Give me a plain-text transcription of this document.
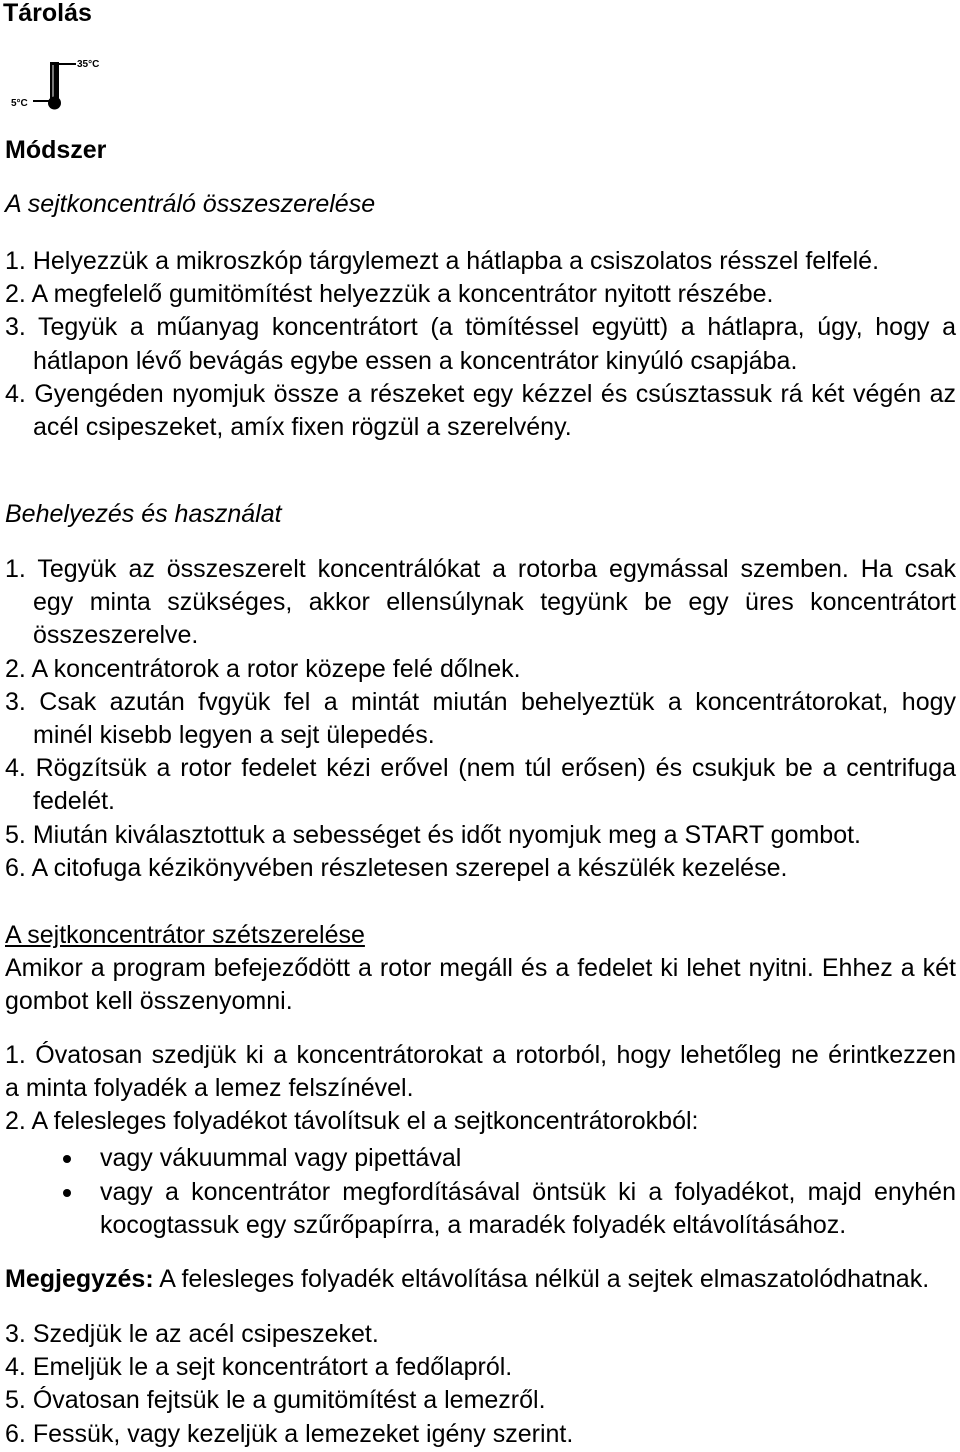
Tárolás
35°C
5°C
Módszer
A sejtkoncentráló összeszerelése
1. Helyezzük a mikroszkóp tárgylemezt a hátlapba a csiszolatos résszel felfelé.
2. A megfelelő gumitömítést helyezzük a koncentrátor nyitott részébe.
3. Tegyük a műanyag koncentrátort (a tömítéssel együtt) a hátlapra, úgy, hogy a
hátlapon lévő bevágás egybe essen a koncentrátor kinyúló csapjába.
4. Gyengéden nyomjuk össze a részeket egy kézzel és csúsztassuk rá két végén az
acél csipeszeket, amíx fixen rögzül a szerelvény.
Behelyezés és használat
1. Tegyük az összeszerelt koncentrálókat a rotorba egymással szemben. Ha csak
egy minta szükséges, akkor ellensúlynak tegyünk be egy üres koncentrátort
összeszerelve.
2. A koncentrátorok a rotor közepe felé dőlnek.
3. Csak azután fvgyük fel a mintát miután behelyeztük a koncentrátorokat, hogy
minél kisebb legyen a sejt ülepedés.
4. Rögzítsük a rotor fedelet kézi erővel (nem túl erősen) és csukjuk be a centrifuga
fedelét.
5. Miután kiválasztottuk a sebességet és időt nyomjuk meg a START gombot.
6. A citofuga kézikönyvében részletesen szerepel a készülék kezelése.
A sejtkoncentrátor szétszerelése
Amikor a program befejeződött a rotor megáll és a fedelet ki lehet nyitni. Ehhez a két
gombot kell összenyomni.
1. Óvatosan szedjük ki a koncentrátorokat a rotorból, hogy lehetőleg ne érintkezzen
a minta folyadék a lemez felszínével.
2. A felesleges folyadékot távolítsuk el a sejtkoncentrátorokból:
vagy vákuummal vagy pipettával
vagy a koncentrátor megfordításával öntsük ki a folyadékot, majd enyhén
kocogtassuk egy szűrőpapírra, a maradék folyadék eltávolításához.
Megjegyzés: A felesleges folyadék eltávolítása nélkül a sejtek elmaszatolódhatnak.
3. Szedjük le az acél csipeszeket.
4. Emeljük le a sejt koncentrátort a fedőlapról.
5. Óvatosan fejtsük le a gumitömítést a lemezről.
6. Fessük, vagy kezeljük a lemezeket igény szerint.
